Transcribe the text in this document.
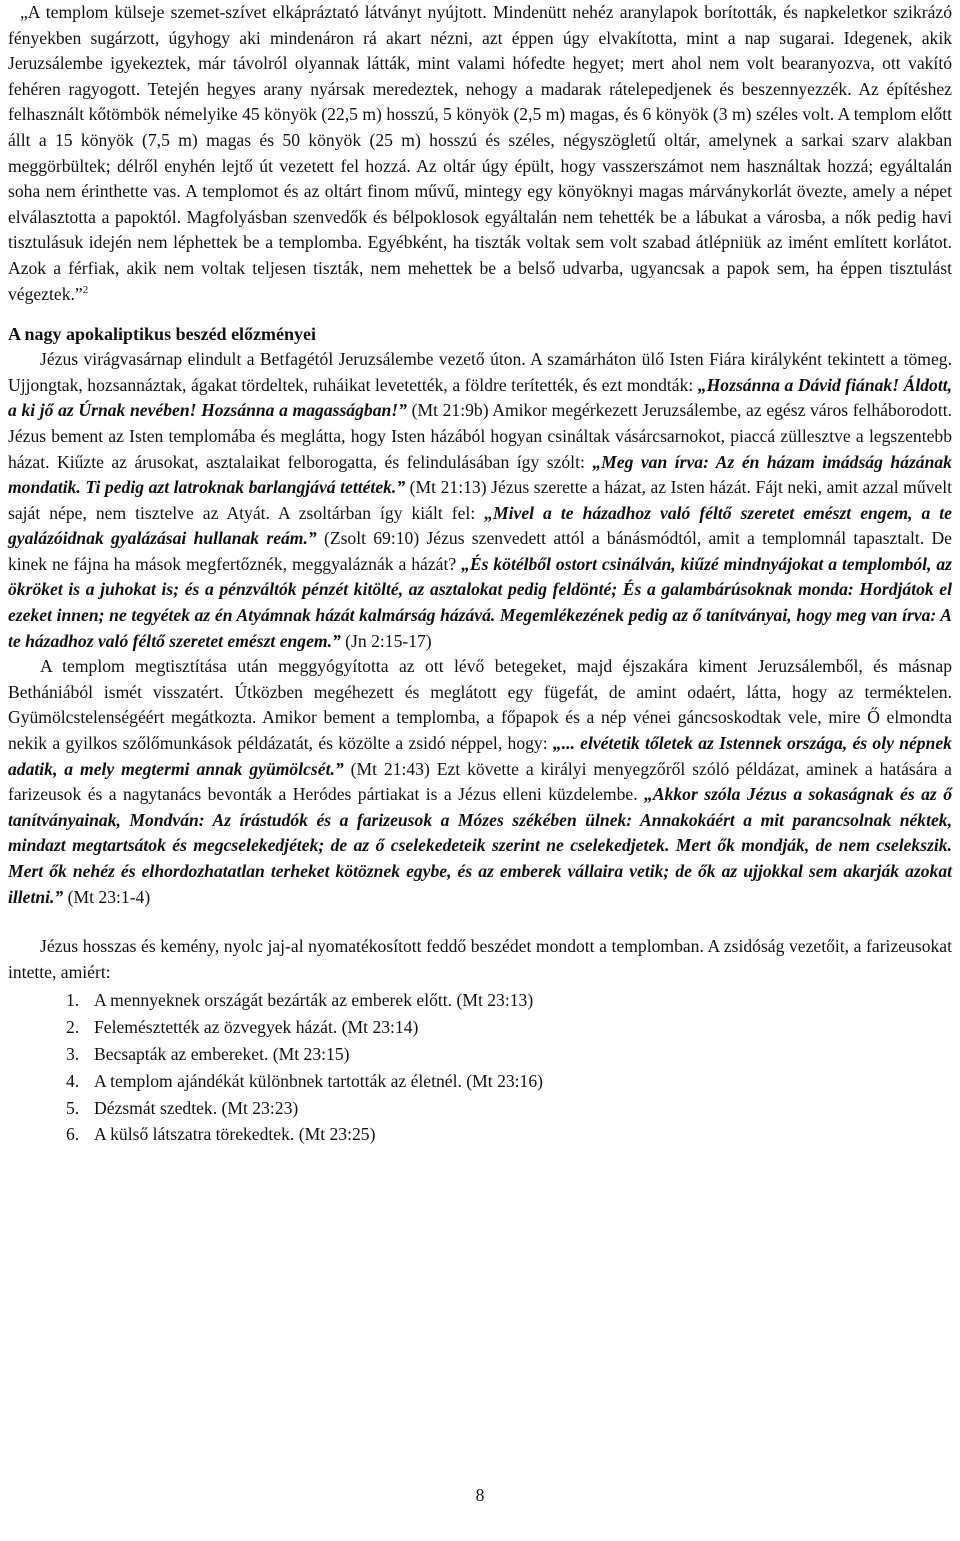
„A templom külseje szemet-szívet elkápráztató látványt nyújtott. Mindenütt nehéz aranylapok borították, és napkeletkor szikrázó fényekben sugárzott, úgyhogy aki mindenáron rá akart nézni, azt éppen úgy elvakította, mint a nap sugarai. Idegenek, akik Jeruzsálembe igyekeztek, már távolról olyannak látták, mint valami hófedte hegyet; mert ahol nem volt bearanyozva, ott vakító fehéren ragyogott. Tetején hegyes arany nyársak meredeztek, nehogy a madarak rátelepedjenek és beszennyezzék. Az építéshez felhasznált kőtömbök némelyike 45 könyök (22,5 m) hosszú, 5 könyök (2,5 m) magas, és 6 könyök (3 m) széles volt. A templom előtt állt a 15 könyök (7,5 m) magas és 50 könyök (25 m) hosszú és széles, négyszögletű oltár, amelynek a sarkai szarv alakban meggörbültek; délről enyhén lejtő út vezetett fel hozzá. Az oltár úgy épült, hogy vasszerszámot nem használtak hozzá; egyáltalán soha nem érinthette vas. A templomot és az oltárt finom művű, mintegy egy könyöknyi magas márványkorlát övezte, amely a népet elválasztotta a papoktól. Magfolyásban szenvedők és bélpoklosok egyáltalán nem tehették be a lábukat a városba, a nők pedig havi tisztulásuk idején nem léphettek be a templomba. Egyébként, ha tiszták voltak sem volt szabad átlépniük az imént említett korlátot. Azok a férfiak, akik nem voltak teljesen tiszták, nem mehettek be a belső udvarba, ugyancsak a papok sem, ha éppen tisztulást végeztek.”$^2$

A nagy apokaliptikus beszéd előzményei

Jézus virágvasárnap elindult a Betfagétól Jeruzsálembe vezető úton. A szamárháton ülő Isten Fiára királyként tekintett a tömeg. Ujjongtak, hozsannáztak, ágakat tördeltek, ruháikat levetették, a földre terítették, és ezt mondták: „Hozsánna a Dávid fiának! Áldott, a ki jő az Úrnak nevében! Hozsánna a magasságban!” (Mt 21:9b) Amikor megérkezett Jeruzsálembe, az egész város felháborodott. Jézus bement az Isten templomába és meglátta, hogy Isten házából hogyan csináltak vásárcsarnokot, piaccá züllesztve a legszentebb házat. Kiűzte az árusokat, asztalaikat felborogatta, és felindulásában így szólt: „Meg van írva: Az én házam imádság házának mondatik. Ti pedig azt latroknak barlangjává tettétek.” (Mt 21:13) Jézus szerette a házat, az Isten házát. Fájt neki, amit azzal művelt saját népe, nem tisztelve az Atyát. A zsoltárban így kiált fel: „Mivel a te házadhoz való féltő szeretet emészt engem, a te gyalázóidnak gyalázásai hullanak reám.” (Zsolt 69:10) Jézus szenvedett attól a bánásmódtól, amit a templomnál tapasztalt. De kinek ne fájna ha mások megfertőznék, meggyaláznák a házát? „És kötélből ostort csinálván, kiűzé mindnyájokat a templomból, az ökröket is a juhokat is; és a pénzváltók pénzét kitölté, az asztalokat pedig feldönté; És a galambárúsoknak monda: Hordjátok el ezeket innen; ne tegyétek az én Atyámnak házát kalmárság házává. Megemlékezének pedig az ő tanítványai, hogy meg van írva: A te házadhoz való féltő szeretet emészt engem.” (Jn 2:15-17)

A templom megtisztítása után meggyógyította az ott lévő betegeket, majd éjszakára kiment Jeruzsálemből, és másnap Bethániából ismét visszatért. Útközben megéhezett és meglátott egy fügefát, de amint odaért, látta, hogy az terméktelen. Gyümölcstelenségéért megátkozta. Amikor bement a templomba, a főpapok és a nép vénei gáncsoskodtak vele, mire Ő elmondta nekik a gyilkos szőlőmunkások példázatát, és közölte a zsidó néppel, hogy: „... elvétetik tőletek az Istennek országa, és oly népnek adatik, a mely megtermi annak gyümölcsét.” (Mt 21:43) Ezt követte a királyi menyegzőről szóló példázat, aminek a hatására a farizeusok és a nagytanács bevonták a Heródes pártiakat is a Jézus elleni küzdelembe. „Akkor szóla Jézus a sokaságnak és az ő tanítványainak, Mondván: Az írástudók és a farizeusok a Mózes székében ülnek: Annakokáért a mit parancsolnak néktek, mindazt megtartsátok és megcselekedjétek; de az ő cselekedeteik szerint ne cselekedjetek. Mert ők mondják, de nem cselekszik. Mert ők nehéz és elhordozhatatlan terheket kötöznek egybe, és az emberek vállaira vetik; de ők az ujjokkal sem akarják azokat illetni.” (Mt 23:1-4)

Jézus hosszas és kemény, nyolc jaj-al nyomatékosított feddő beszédet mondott a templomban. A zsidóság vezetőit, a farizeusokat intette, amiért:

1. A mennyeknek országát bezárták az emberek előtt. (Mt 23:13)
2. Felemésztették az özvegyek házát. (Mt 23:14)
3. Becsapták az embereket. (Mt 23:15)
4. A templom ajándékát különbnek tartották az életnél. (Mt 23:16)
5. Dézsmát szedtek. (Mt 23:23)
6. A külső látszatra törekedtek. (Mt 23:25)
8
